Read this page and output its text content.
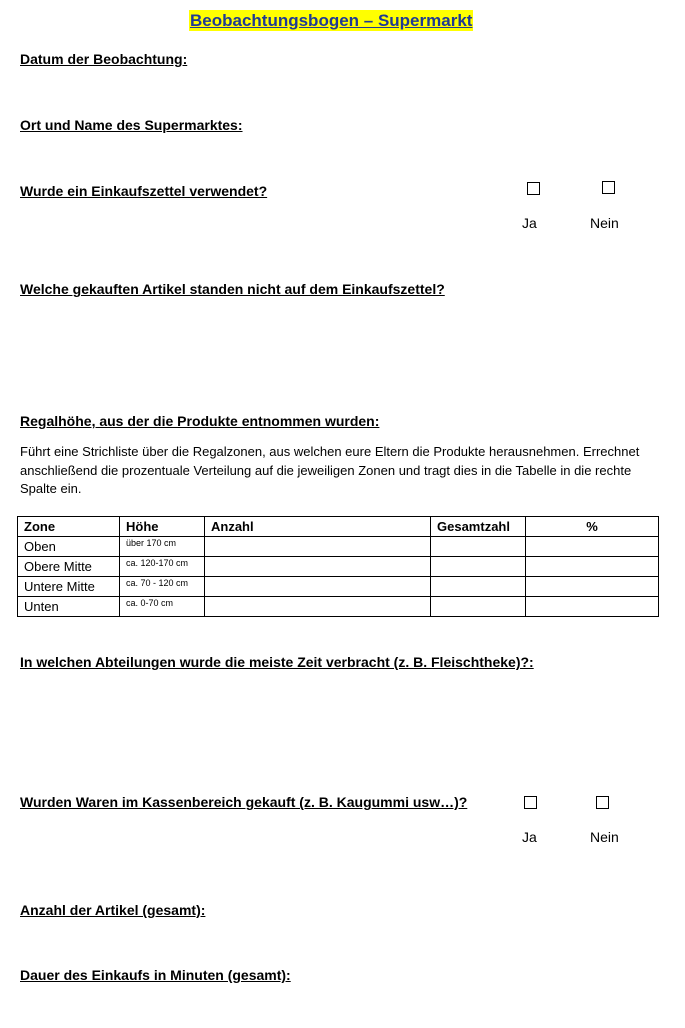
Beobachtungsbogen – Supermarkt
Datum der Beobachtung:
Ort und Name des Supermarktes:
Wurde ein Einkaufszettel verwendet?
Ja	Nein
Welche gekauften Artikel standen nicht auf dem Einkaufszettel?
Regalhöhe, aus der die Produkte entnommen wurden:
Führt eine Strichliste über die Regalzonen, aus welchen eure Eltern die Produkte herausnehmen. Errechnet anschließend die prozentuale Verteilung auf die jeweiligen Zonen und tragt dies in die Tabelle in die rechte Spalte ein.
Zone	Höhe	Anzahl	Gesamtzahl	%
Oben	über 170 cm			
Obere Mitte	ca. 120-170 cm			
Untere Mitte	ca. 70 - 120 cm			
Unten	ca. 0-70 cm			
In welchen Abteilungen wurde die meiste Zeit verbracht (z. B. Fleischtheke)?:
Wurden Waren im Kassenbereich gekauft (z. B. Kaugummi usw…)?
Ja	Nein
Anzahl der Artikel (gesamt):
Dauer des Einkaufs in Minuten (gesamt):
